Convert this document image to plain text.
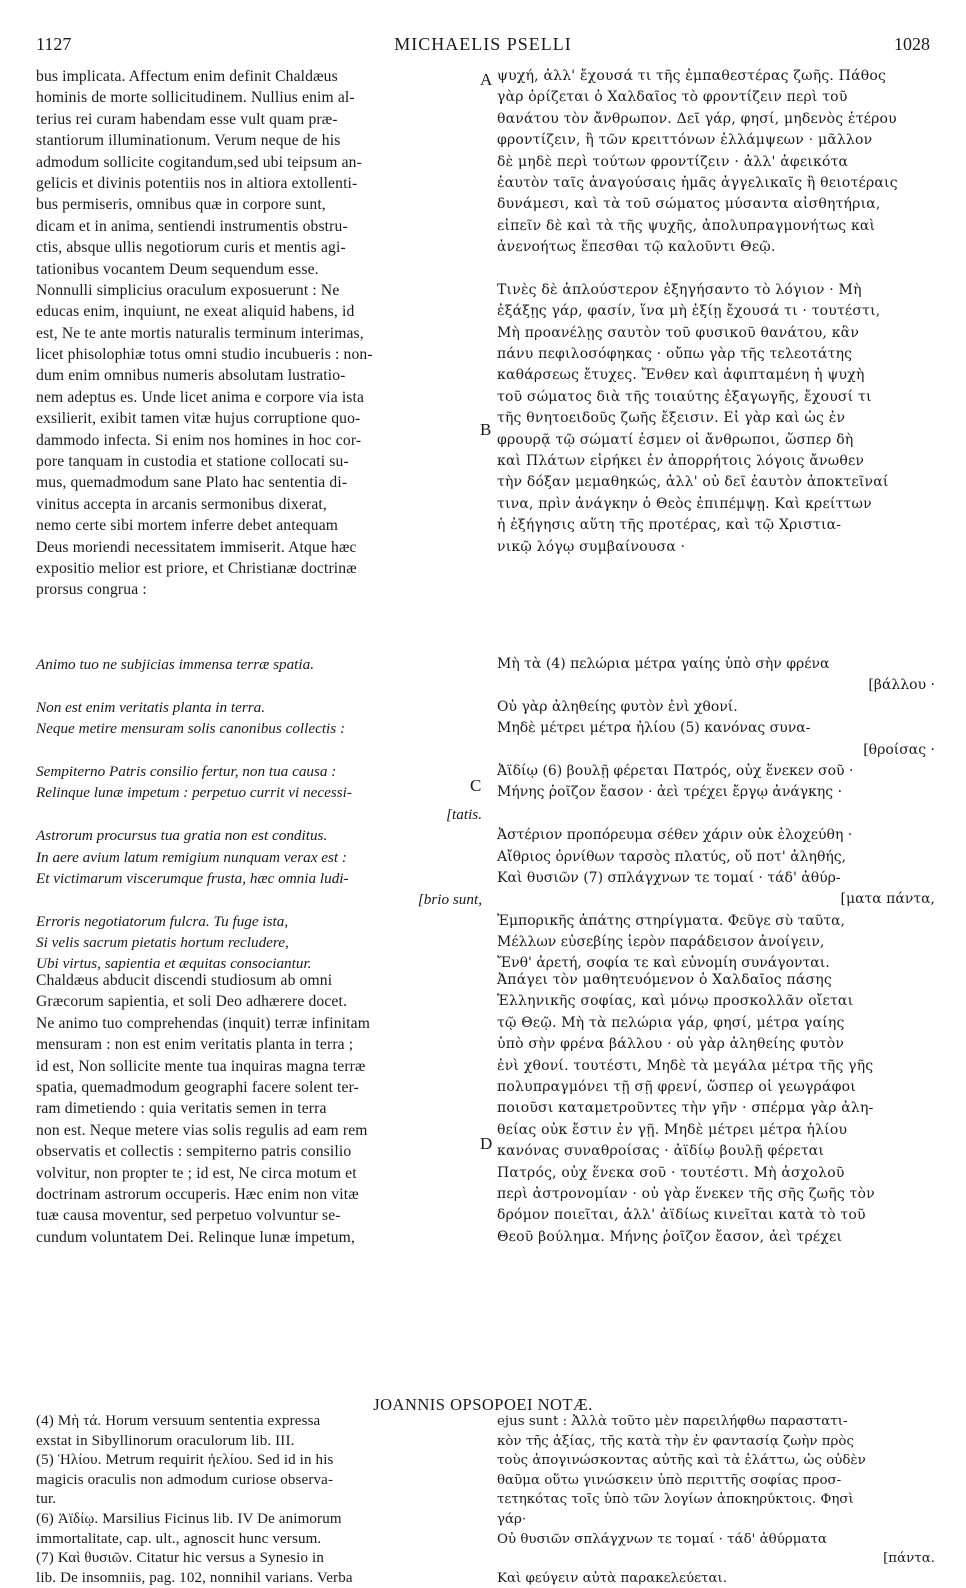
1127	MICHAELIS PSELLI	1028
A
B
C
D
bus implicata. Affectum enim definit Chaldæus
hominis de morte sollicitudinem. Nullius enim al-
terius rei curam habendam esse vult quam præ-
stantiorum illuminationum. Verum neque de his
admodum sollicite cogitandum,sed ubi teipsum an-
gelicis et divinis potentiis nos in altiora extollenti-
bus permiseris, omnibus quæ in corpore sunt,
dicam et in anima, sentiendi instrumentis obstru-
ctis, absque ullis negotiorum curis et mentis agi-
tationibus vocantem Deum sequendum esse.
Nonnulli simplicius oraculum exposuerunt : Ne
educas enim, inquiunt, ne exeat aliquid habens, id
est, Ne te ante mortis naturalis terminum interimas,
licet phisolophiæ totus omni studio incubueris : non-
dum enim omnibus numeris absolutam lustratio-
nem adeptus es. Unde licet anima e corpore via ista
exsilierit, exibit tamen vitæ hujus corruptione quo-
dammodo infecta. Si enim nos homines in hoc cor-
pore tanquam in custodia et statione collocati su-
mus, quemadmodum sane Plato hac sententia di-
vinitus accepta in arcanis sermonibus dixerat,
nemo certe sibi mortem inferre debet antequam
Deus moriendi necessitatem immiserit. Atque hæc
expositio melior est priore, et Christianæ doctrinæ
prorsus congrua :
Animo tuo ne subjicias immensa terræ spatia.
Non est enim veritatis planta in terra.
Neque metire mensuram solis canonibus collectis :
Sempiterno Patris consilio fertur, non tua causa :
Relinque lunæ impetum : perpetuo currit vi necessi-
[tatis.
Astrorum procursus tua gratia non est conditus.
In aere avium latum remigium nunquam verax est :
Et victimarum viscerumque frusta, hæc omnia ludi-
[brio sunt,
Erroris negotiatorum fulcra. Tu fuge ista,
Si velis sacrum pietatis hortum recludere,
Ubi virtus, sapientia et æquitas consociantur.
Chaldæus abducit discendi studiosum ab omni
Græcorum sapientia, et soli Deo adhærere docet.
Ne animo tuo comprehendas (inquit) terræ infinitam
mensuram : non est enim veritatis planta in terra ;
id est, Non sollicite mente tua inquiras magna terræ
spatia, quemadmodum geographi facere solent ter-
ram dimetiendo : quia veritatis semen in terra
non est. Neque metere vias solis regulis ad eam rem
observatis et collectis : sempiterno patris consilio
volvitur, non propter te ; id est, Ne circa motum et
doctrinam astrorum occuperis. Hæc enim non vitæ
tuæ causa moventur, sed perpetuo volvuntur se-
cundum voluntatem Dei. Relinque lunæ impetum,
(4) Μὴ τά. Horum versuum sententia expressa
exstat in Sibyllinorum oraculorum lib. III.
(5) Ἡλίου. Metrum requirit ἠελίου. Sed id in his
magicis oraculis non admodum curiose observa-
tur.
(6) Ἀϊδίῳ. Marsilius Ficinus lib. IV De animorum
immortalitate, cap. ult., agnoscit hunc versum.
(7) Καὶ θυσιῶν. Citatur hic versus a Synesio in
lib. De insomniis, pag. 102, nonnihil varians. Verba
ψυχή, ἀλλ' ἔχουσά τι τῆς ἐμπαθεστέρας ζωῆς. Πάθος
γὰρ ὁρίζεται ὁ Χαλδαῖος τὸ φροντίζειν περὶ τοῦ
θανάτου τὸν ἄνθρωπον. Δεῖ γάρ, φησί, μηδενὸς ἑτέρου
φροντίζειν, ἢ τῶν κρειττόνων ἐλλάμψεων · μᾶλλον
δὲ μηδὲ περὶ τούτων φροντίζειν · ἀλλ' ἀφεικότα
ἑαυτὸν ταῖς ἀναγούσαις ἡμᾶς ἀγγελικαῖς ἢ θειοτέραις
δυνάμεσι, καὶ τὰ τοῦ σώματος μύσαντα αἰσθητήρια,
εἰπεῖν δὲ καὶ τὰ τῆς ψυχῆς, ἀπολυπραγμονήτως καὶ
ἀνενοήτως ἕπεσθαι τῷ καλοῦντι Θεῷ.
Τινὲς δὲ ἁπλούστερον ἐξηγήσαντο τὸ λόγιον · Μὴ
ἐξάξῃς γάρ, φασίν, ἵνα μὴ ἐξίῃ ἔχουσά τι · τουτέστι,
Μὴ προανέλῃς σαυτὸν τοῦ φυσικοῦ θανάτου, κἂν
πάνυ πεφιλοσόφηκας · οὔπω γὰρ τῆς τελεοτάτης
καθάρσεως ἔτυχες. Ἔνθεν καὶ ἀφιπταμένη ἡ ψυχὴ
τοῦ σώματος διὰ τῆς τοιαύτης ἐξαγωγῆς, ἔχουσί τι
τῆς θνητοειδοῦς ζωῆς ἔξεισιν. Εἰ γὰρ καὶ ὡς ἐν
φρουρᾷ τῷ σώματί ἐσμεν οἱ ἄνθρωποι, ὥσπερ δὴ
καὶ Πλάτων εἰρήκει ἐν ἀπορρήτοις λόγοις ἄνωθεν
τὴν δόξαν μεμαθηκώς, ἀλλ' οὐ δεῖ ἑαυτὸν ἀποκτεῖναί
τινα, πρὶν ἀνάγκην ὁ Θεὸς ἐπιπέμψῃ. Καὶ κρείττων
ἡ ἐξήγησις αὕτη τῆς προτέρας, καὶ τῷ Χριστια-
νικῷ λόγῳ συμβαίνουσα ·
Μὴ τὰ (4) πελώρια μέτρα γαίης ὑπὸ σὴν φρένα
[βάλλου ·
Οὐ γὰρ ἀληθείης φυτὸν ἐνὶ χθονί.
Μηδὲ μέτρει μέτρα ἠλίου (5) κανόνας συνα-
[θροίσας ·
Ἀϊδίῳ (6) βουλῇ φέρεται Πατρός, οὐχ ἕνεκεν σοῦ ·
Μήνης ῥοῖζον ἔασον · ἀεὶ τρέχει ἔργῳ ἀνάγκης ·
Ἀστέριον προπόρευμα σέθεν χάριν οὐκ ἐλοχεύθη ·
Αἴθριος ὀρνίθων ταρσὸς πλατύς, οὔ ποτ' ἀληθής,
Καὶ θυσιῶν (7) σπλάγχνων τε τομαί · τάδ' ἀθύρ-
[ματα πάντα,
Ἐμπορικῆς ἀπάτης στηρίγματα. Φεῦγε σὺ ταῦτα,
Μέλλων εὐσεβίης ἱερὸν παράδεισον ἀνοίγειν,
Ἔνθ' ἀρετή, σοφία τε καὶ εὐνομίη συνάγονται.
Ἀπάγει τὸν μαθητευόμενον ὁ Χαλδαῖος πάσης
Ἑλληνικῆς σοφίας, καὶ μόνῳ προσκολλᾶν οἴεται
τῷ Θεῷ. Μὴ τὰ πελώρια γάρ, φησί, μέτρα γαίης
ὑπὸ σὴν φρένα βάλλου · οὐ γὰρ ἀληθείης φυτὸν
ἐνὶ χθονί. τουτέστι, Μηδὲ τὰ μεγάλα μέτρα τῆς γῆς
πολυπραγμόνει τῇ σῇ φρενί, ὥσπερ οἱ γεωγράφοι
ποιοῦσι καταμετροῦντες τὴν γῆν · σπέρμα γὰρ ἀλη-
θείας οὐκ ἔστιν ἐν γῇ. Μηδὲ μέτρει μέτρα ἡλίου
κανόνας συναθροίσας · ἀϊδίῳ βουλῇ φέρεται
Πατρός, οὐχ ἕνεκα σοῦ · τουτέστι. Μὴ ἀσχολοῦ
περὶ ἀστρονομίαν · οὐ γὰρ ἕνεκεν τῆς σῆς ζωῆς τὸν
δρόμον ποιεῖται, ἀλλ' ἀϊδίως κινεῖται κατὰ τὸ τοῦ
Θεοῦ βούλημα. Μήνης ῥοῖζον ἔασον, ἀεὶ τρέχει
ejus sunt : Ἀλλὰ τοῦτο μὲν παρειλήφθω παραστατι-
κὸν τῆς ἀξίας, τῆς κατὰ τὴν ἐν φαντασίᾳ ζωὴν πρὸς
τοὺς ἀπογινώσκοντας αὐτῆς καὶ τὰ ἐλάττω, ὡς οὐδὲν
θαῦμα οὕτω γινώσκειν ὑπὸ περιττῆς σοφίας προσ-
τετηκότας τοῖς ὑπὸ τῶν λογίων ἀποκηρύκτοις. Φησὶ
γάρ·
Οὐ θυσιῶν σπλάγχνων τε τομαί · τάδ' ἀθύρματα
[πάντα.
Καὶ φεύγειν αὐτὰ παρακελεύεται.
JOANNIS OPSOPOEI NOTÆ.
